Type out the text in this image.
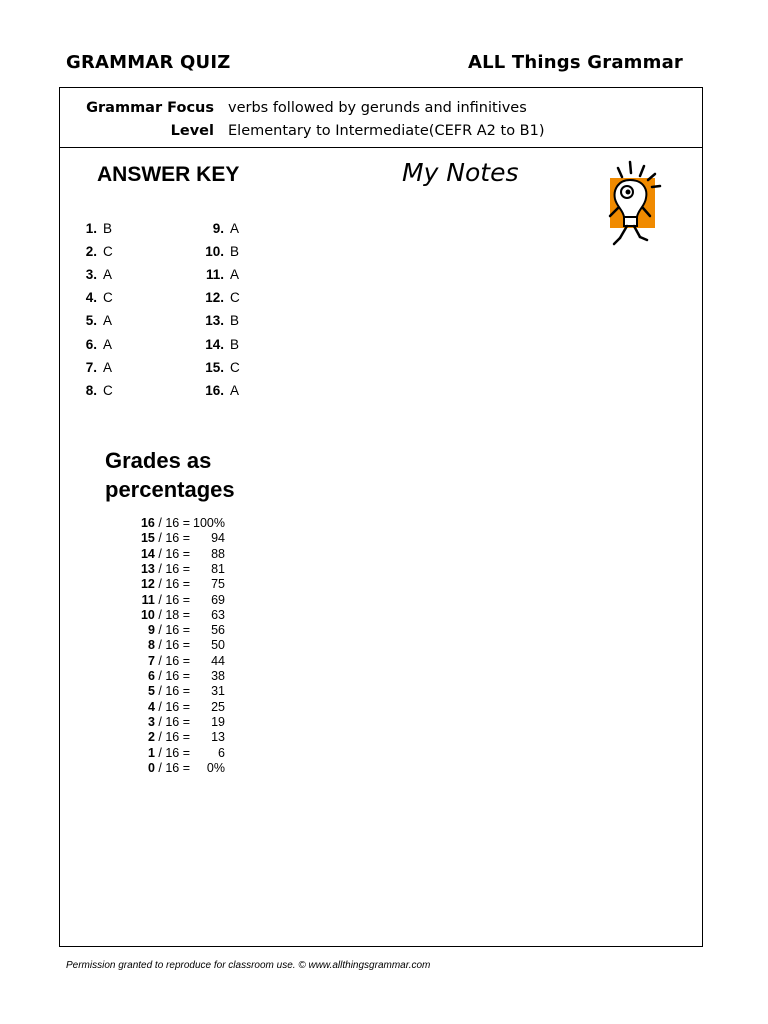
GRAMMAR QUIZ	ALL Things Grammar
Grammar Focus verbs followed by gerunds and infinitives
Level Elementary to Intermediate(CEFR A2 to B1)
ANSWER KEY	My Notes
1. B
2. C
3. A
4. C
5. A
6. A
7. A
8. C
9. A
10. B
11. A
12. C
13. B
14. B
15. C
16. A
Grades as
percentages
16 / 16 = 100%
15 / 16 = 94
14 / 16 = 88
13 / 16 = 81
12 / 16 = 75
11 / 16 = 69
10 / 18 = 63
9 / 16 = 56
8 / 16 = 50
7 / 16 = 44
6 / 16 = 38
5 / 16 = 31
4 / 16 = 25
3 / 16 = 19
2 / 16 = 13
1 / 16 = 6
0 / 16 = 0%
Permission granted to reproduce for classroom use. © www.allthingsgrammar.com
